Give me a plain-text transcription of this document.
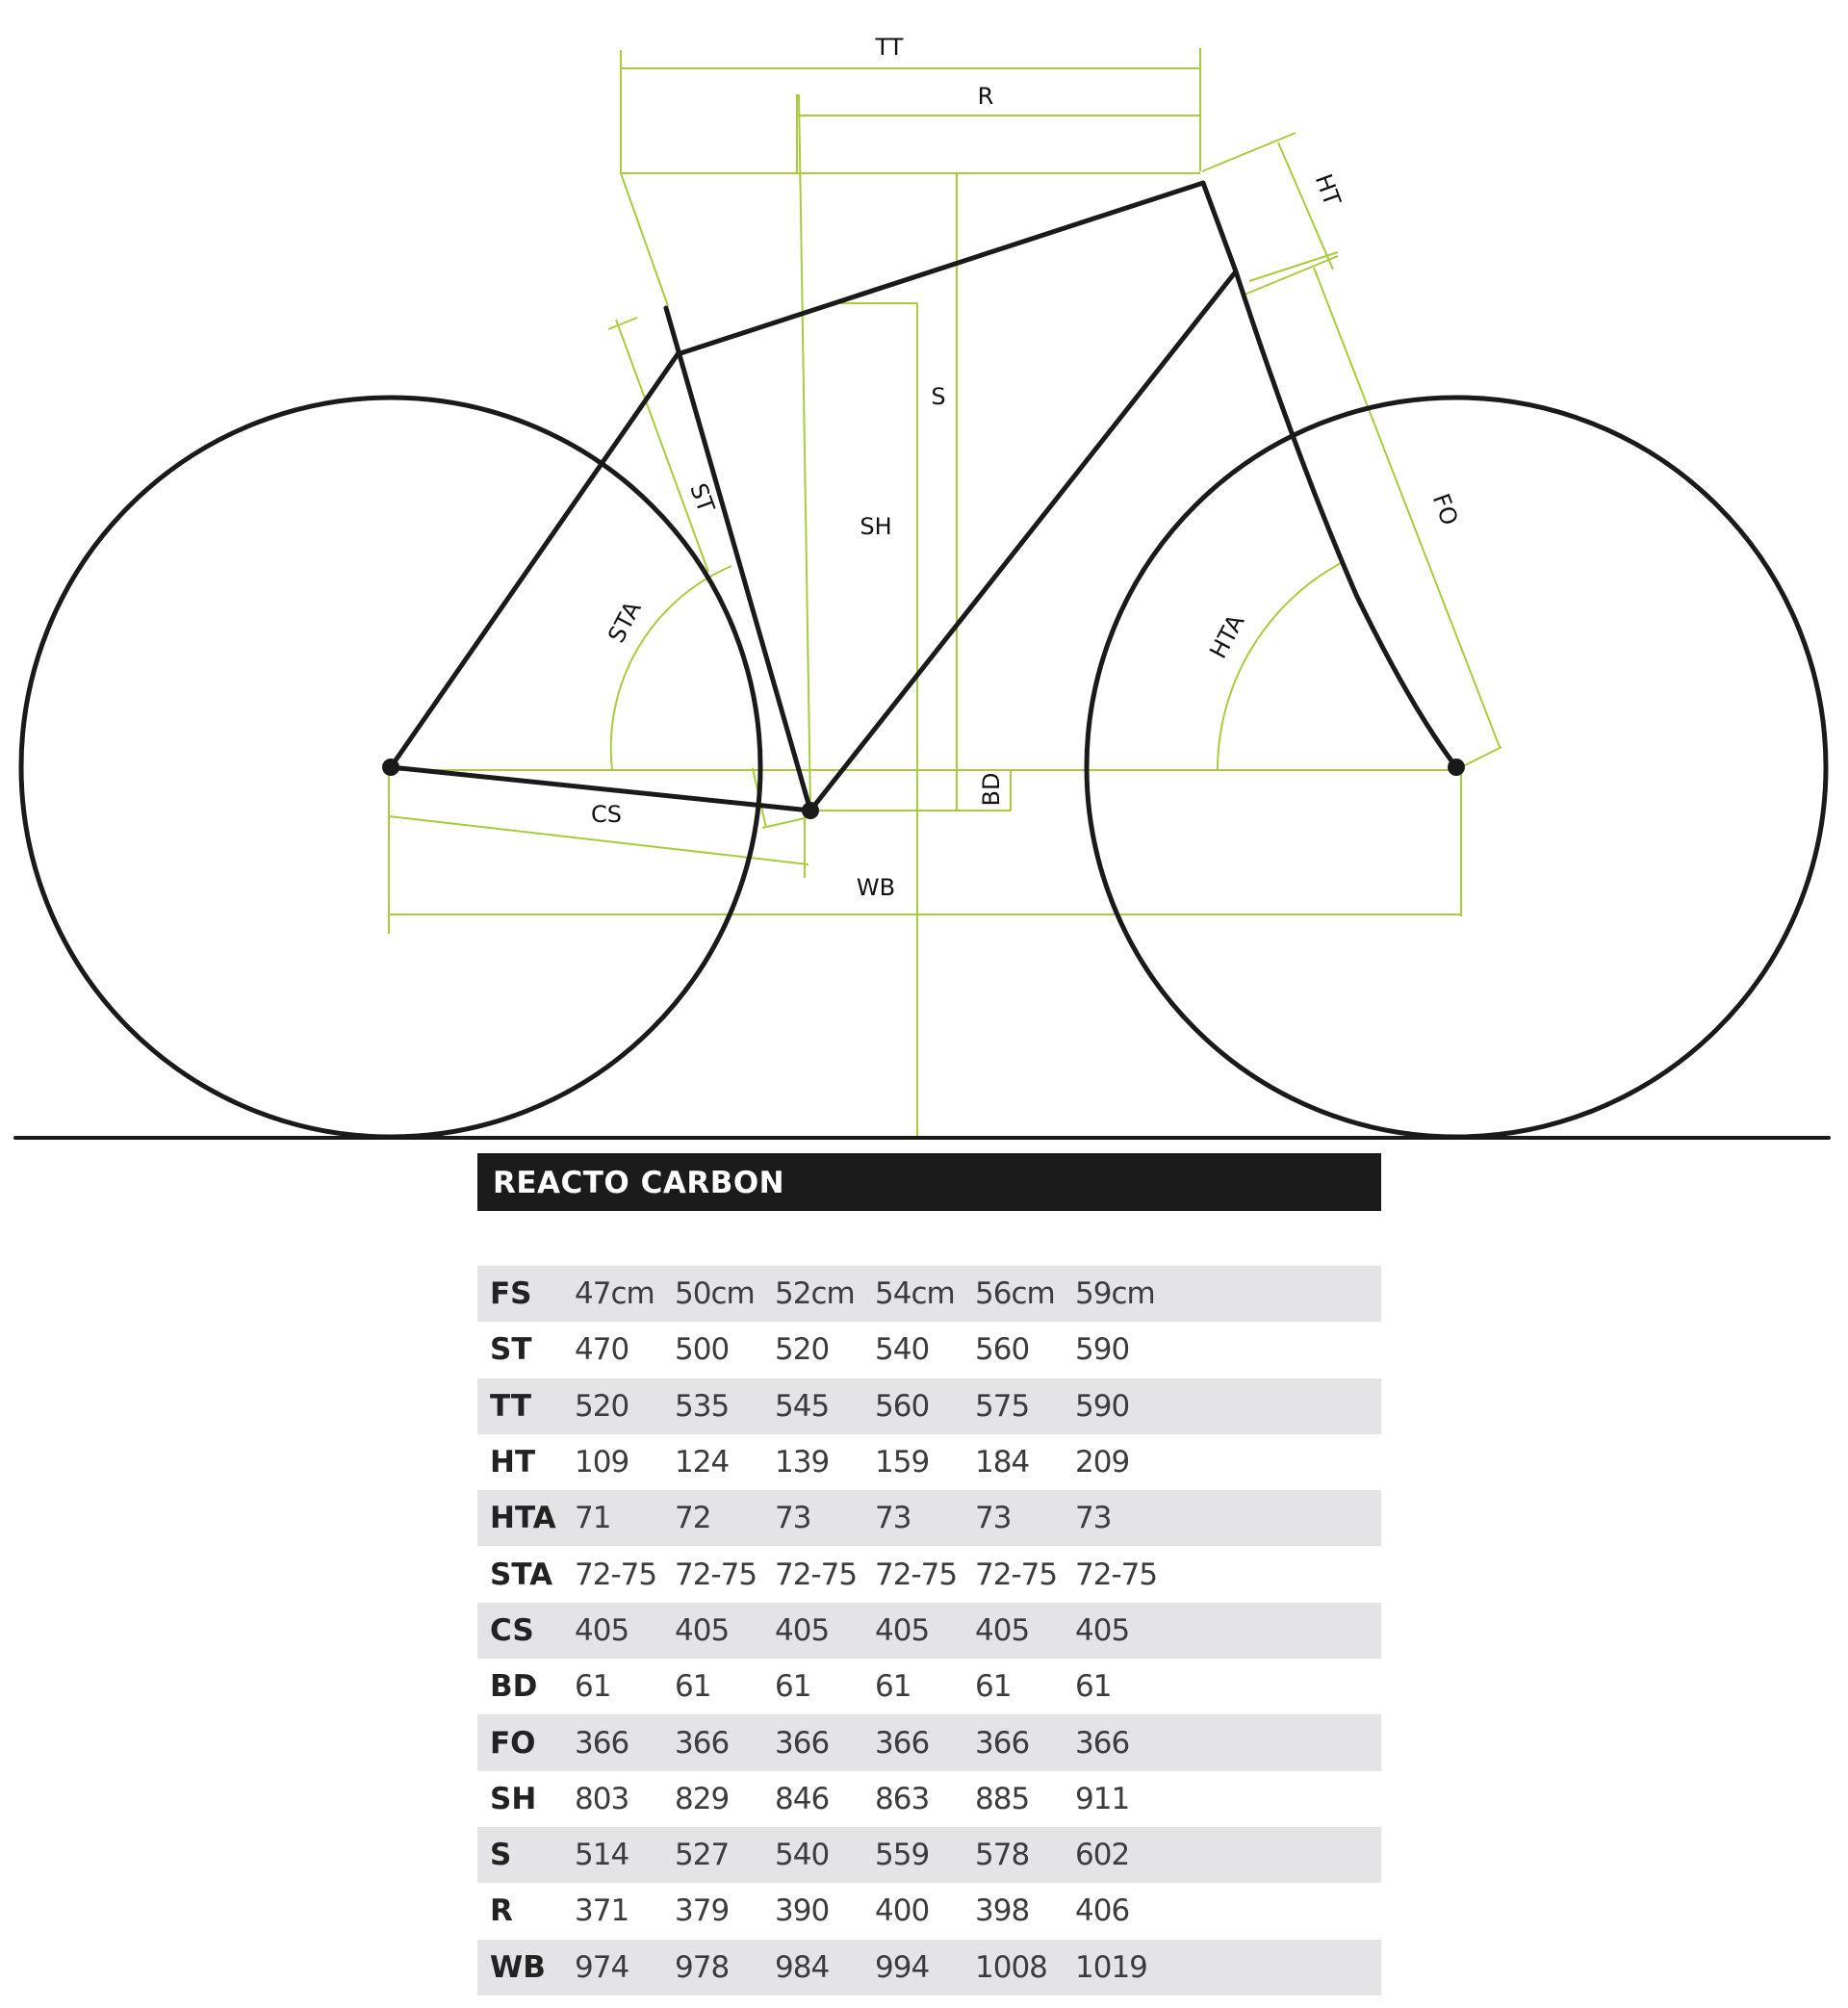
TT
R
HT
S
ST
SH
STA
FO
HTA
BD
CS
WB
REACTO CARBON
FS	47cm	50cm	52cm	54cm	56cm	59cm	
ST	470	500	520	540	560	590	
TT	520	535	545	560	575	590	
HT	109	124	139	159	184	209	
HTA	71	72	73	73	73	73	
STA	72-75	72-75	72-75	72-75	72-75	72-75	
CS	405	405	405	405	405	405	
BD	61	61	61	61	61	61	
FO	366	366	366	366	366	366	
SH	803	829	846	863	885	911	
S	514	527	540	559	578	602	
R	371	379	390	400	398	406	
WB	974	978	984	994	1008	1019	
